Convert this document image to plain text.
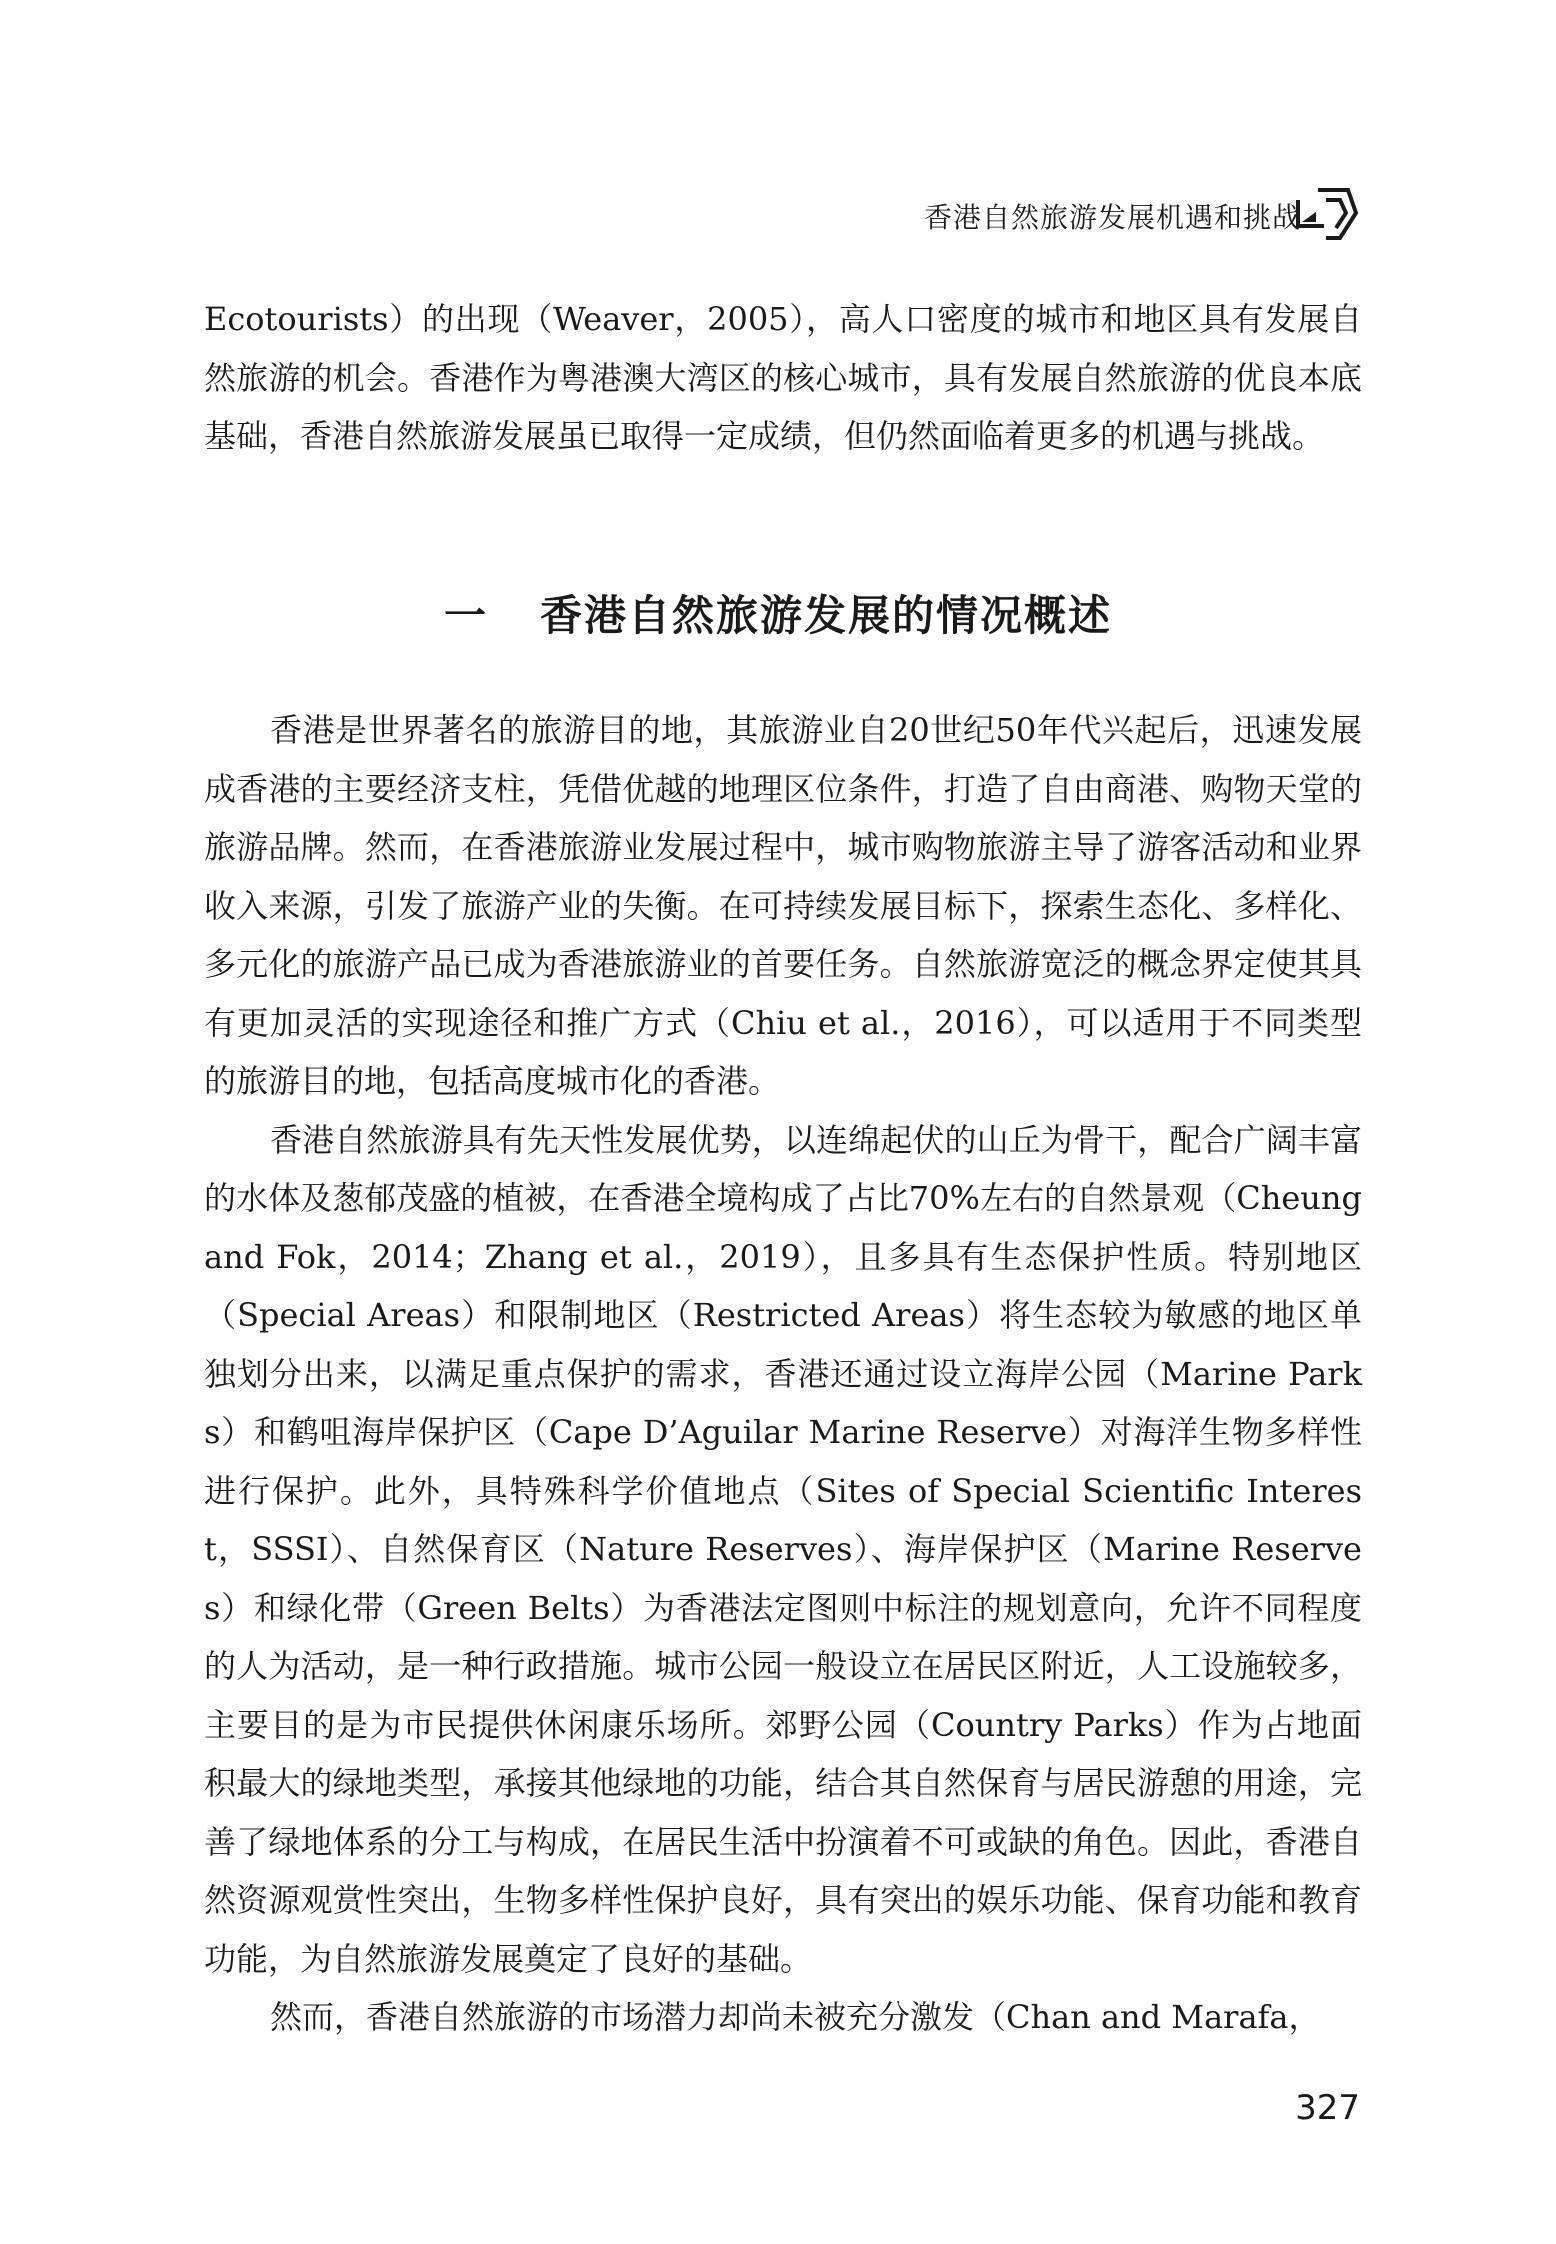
香港自然旅游发展机遇和挑战

Ecotourists）的出现（Weaver，2005），高人口密度的城市和地区具有发展自然旅游的机会。香港作为粤港澳大湾区的核心城市，具有发展自然旅游的优良本底基础，香港自然旅游发展虽已取得一定成绩，但仍然面临着更多的机遇与挑战。

一 香港自然旅游发展的情况概述

香港是世界著名的旅游目的地，其旅游业自20世纪50年代兴起后，迅速发展成香港的主要经济支柱，凭借优越的地理区位条件，打造了自由商港、购物天堂的旅游品牌。然而，在香港旅游业发展过程中，城市购物旅游主导了游客活动和业界收入来源，引发了旅游产业的失衡。在可持续发展目标下，探索生态化、多样化、多元化的旅游产品已成为香港旅游业的首要任务。自然旅游宽泛的概念界定使其具有更加灵活的实现途径和推广方式（Chiu et al.，2016），可以适用于不同类型的旅游目的地，包括高度城市化的香港。

香港自然旅游具有先天性发展优势，以连绵起伏的山丘为骨干，配合广阔丰富的水体及葱郁茂盛的植被，在香港全境构成了占比70%左右的自然景观（Cheung and Fok，2014；Zhang et al.，2019），且多具有生态保护性质。特别地区（Special Areas）和限制地区（Restricted Areas）将生态较为敏感的地区单独划分出来，以满足重点保护的需求，香港还通过设立海岸公园（Marine Parks）和鹤咀海岸保护区（Cape D’Aguilar Marine Reserve）对海洋生物多样性进行保护。此外，具特殊科学价值地点（Sites of Special Scientific Interest，SSSI）、自然保育区（Nature Reserves）、海岸保护区（Marine Reserves）和绿化带（Green Belts）为香港法定图则中标注的规划意向，允许不同程度的人为活动，是一种行政措施。城市公园一般设立在居民区附近，人工设施较多，主要目的是为市民提供休闲康乐场所。郊野公园（Country Parks）作为占地面积最大的绿地类型，承接其他绿地的功能，结合其自然保育与居民游憩的用途，完善了绿地体系的分工与构成，在居民生活中扮演着不可或缺的角色。因此，香港自然资源观赏性突出，生物多样性保护良好，具有突出的娱乐功能、保育功能和教育功能，为自然旅游发展奠定了良好的基础。

然而，香港自然旅游的市场潜力却尚未被充分激发（Chan and Marafa，

327
